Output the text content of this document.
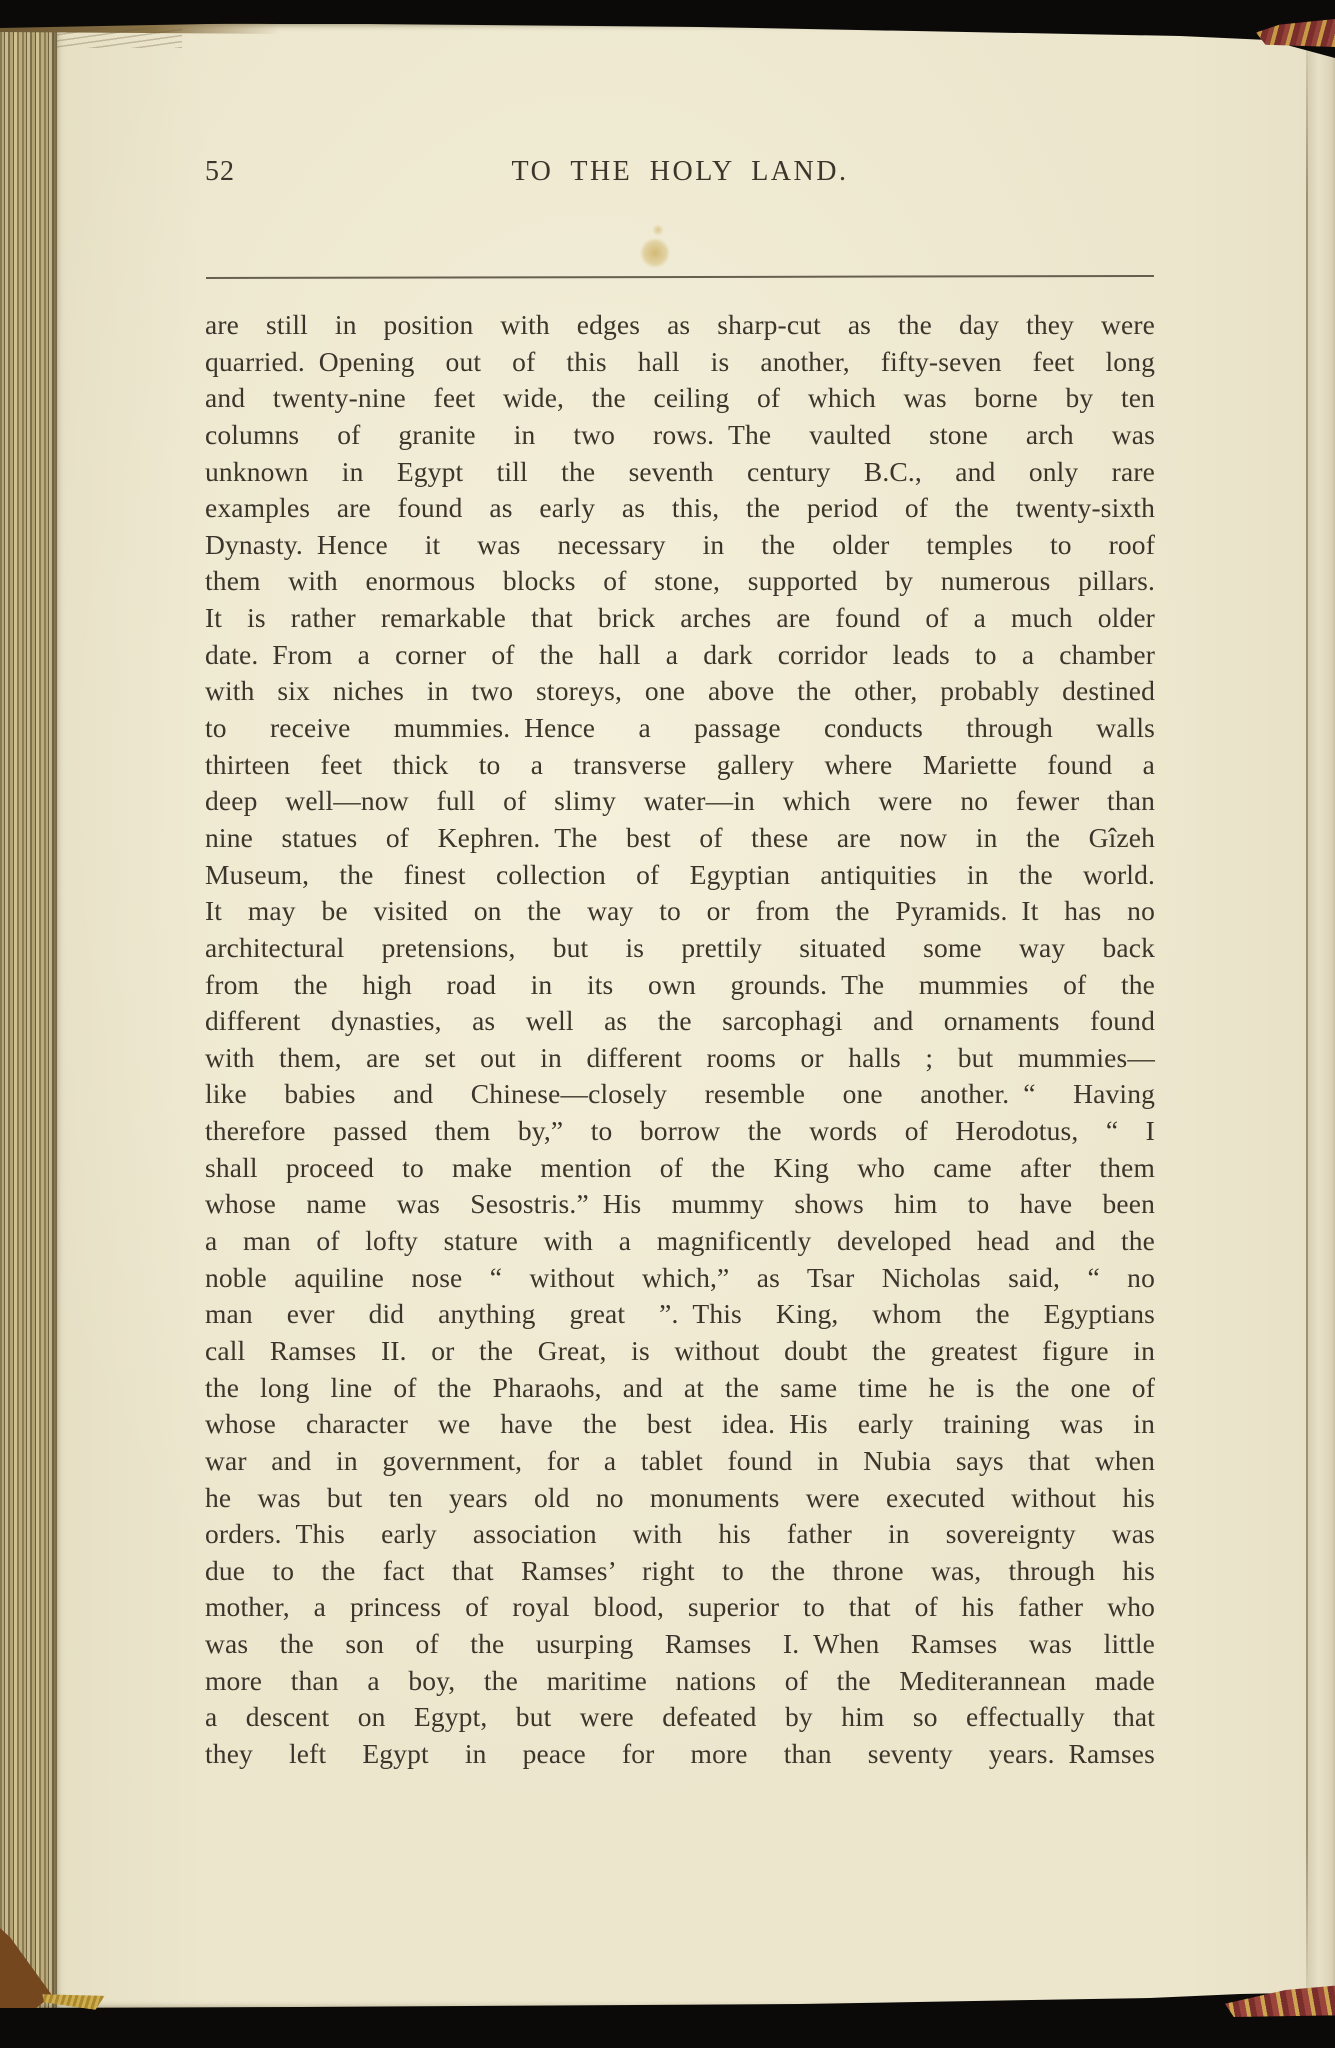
52	TO THE HOLY LAND.
are still in position with edges as sharp-cut as the day they were
quarried. Opening out of this hall is another, fifty-seven feet long
and twenty-nine feet wide, the ceiling of which was borne by ten
columns of granite in two rows. The vaulted stone arch was
unknown in Egypt till the seventh century B.C., and only rare
examples are found as early as this, the period of the twenty-sixth
Dynasty. Hence it was necessary in the older temples to roof
them with enormous blocks of stone, supported by numerous pillars.
It is rather remarkable that brick arches are found of a much older
date. From a corner of the hall a dark corridor leads to a chamber
with six niches in two storeys, one above the other, probably destined
to receive mummies. Hence a passage conducts through walls
thirteen feet thick to a transverse gallery where Mariette found a
deep well—now full of slimy water—in which were no fewer than
nine statues of Kephren. The best of these are now in the Gîzeh
Museum, the finest collection of Egyptian antiquities in the world.
It may be visited on the way to or from the Pyramids. It has no
architectural pretensions, but is prettily situated some way back
from the high road in its own grounds. The mummies of the
different dynasties, as well as the sarcophagi and ornaments found
with them, are set out in different rooms or halls ; but mummies—
like babies and Chinese—closely resemble one another. “ Having
therefore passed them by,” to borrow the words of Herodotus, “ I
shall proceed to make mention of the King who came after them
whose name was Sesostris.” His mummy shows him to have been
a man of lofty stature with a magnificently developed head and the
noble aquiline nose “ without which,” as Tsar Nicholas said, “ no
man ever did anything great ”. This King, whom the Egyptians
call Ramses II. or the Great, is without doubt the greatest figure in
the long line of the Pharaohs, and at the same time he is the one of
whose character we have the best idea. His early training was in
war and in government, for a tablet found in Nubia says that when
he was but ten years old no monuments were executed without his
orders. This early association with his father in sovereignty was
due to the fact that Ramses’ right to the throne was, through his
mother, a princess of royal blood, superior to that of his father who
was the son of the usurping Ramses I. When Ramses was little
more than a boy, the maritime nations of the Mediterannean made
a descent on Egypt, but were defeated by him so effectually that
they left Egypt in peace for more than seventy years. Ramses
